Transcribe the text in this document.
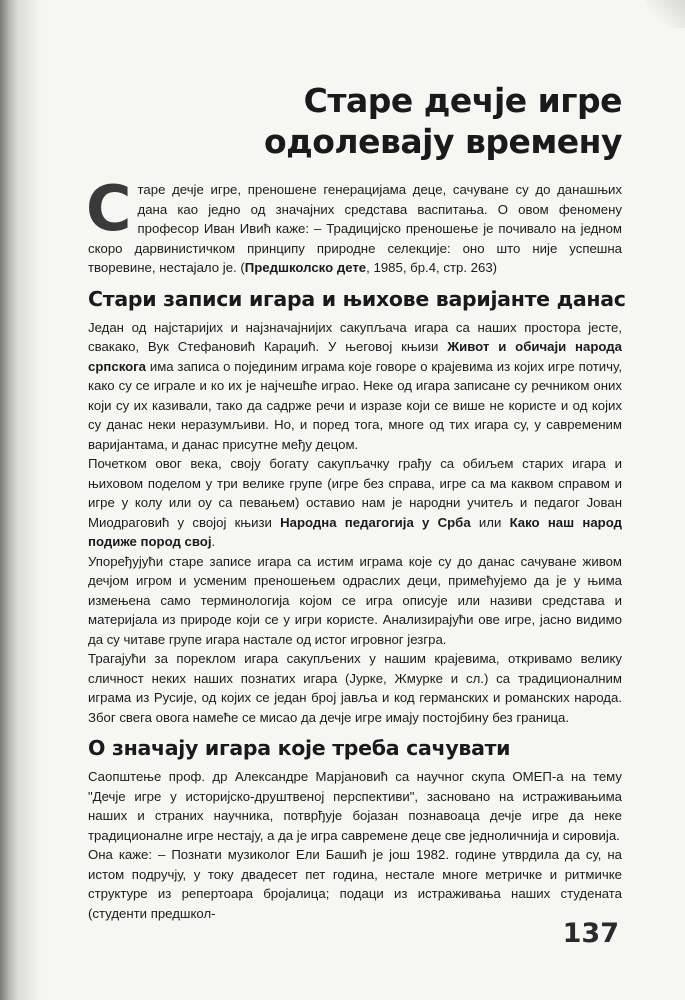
Старе дечје игре
одолевају времену

Старе дечје игре, преношене генерацијама деце, сачуване су до данашњих дана као једно од значајних средстава васпитања. О овом феномену професор Иван Ивић каже: – Традицијско преношење је почивало на једном скоро дарвинистичком принципу природне селекције: оно што није успешна творевине, нестајало је. (Предшколско дете, 1985, бр.4, стр. 263)

Стари записи игара и њихове варијанте данас

Један од најстаријих и најзначајнијих сакупљача игара са наших простора јесте, свакако, Вук Стефановић Караџић. У његовој књизи Живот и обичаји народа српскога има записа о појединим играма које говоре о крајевима из којих игре потичу, како су се играле и ко их је најчешће играо. Неке од игара записане су речником оних који су их казивали, тако да садрже речи и изразе који се више не користе и од којих су данас неки неразумљиви. Но, и поред тога, многе од тих игара су, у савременим варијантама, и данас присутне међу децом.

Почетком овог века, своју богату сакупљачку грађу са обиљем старих игара и њиховом поделом у три велике групе (игре без справа, игре са ма каквом справом и игре у колу или оу са певањем) оставио нам је народни учитељ и педагог Јован Миодраговић у својој књизи Народна педагогија у Срба или Како наш народ подиже пород свој.

Упоређујући старе записе игара са истим играма које су до данас сачуване живом дечјом игром и усменим преношењем одраслих деци, примећујемо да је у њима измењена само терминологија којом се игра описује или називи средстава и материјала из природе који се у игри користе. Анализирајући ове игре, јасно видимо да су читаве групе игара настале од истог игровног језгра.

Трагајући за пореклом игара сакупљених у нашим крајевима, откривамо велику сличност неких наших познатих игара (Јурке, Жмурке и сл.) са традиционалним играма из Русије, од којих се један број јавља и код германских и романских народа. Због свега овога намеће се мисао да дечје игре имају постојбину без граница.

О значају игара које треба сачувати

Саопштење проф. др Александре Марјановић са научног скупа ОМЕП-а на тему "Дечје игре у историјско-друштвеној перспективи", засновано на истраживањима наших и страних научника, потврђује бојазан познавоаца дечје игре да неке традиционалне игре нестају, а да је игра савремене деце све једноличнија и сировија.

Она каже: – Познати музиколог Ели Башић је још 1982. године утврдила да су, на истом подручју, у току двадесет пет година, нестале многе метричке и ритмичке структуре из репертоара бројалица; подаци из истраживања наших студената (студенти предшкол-

137
